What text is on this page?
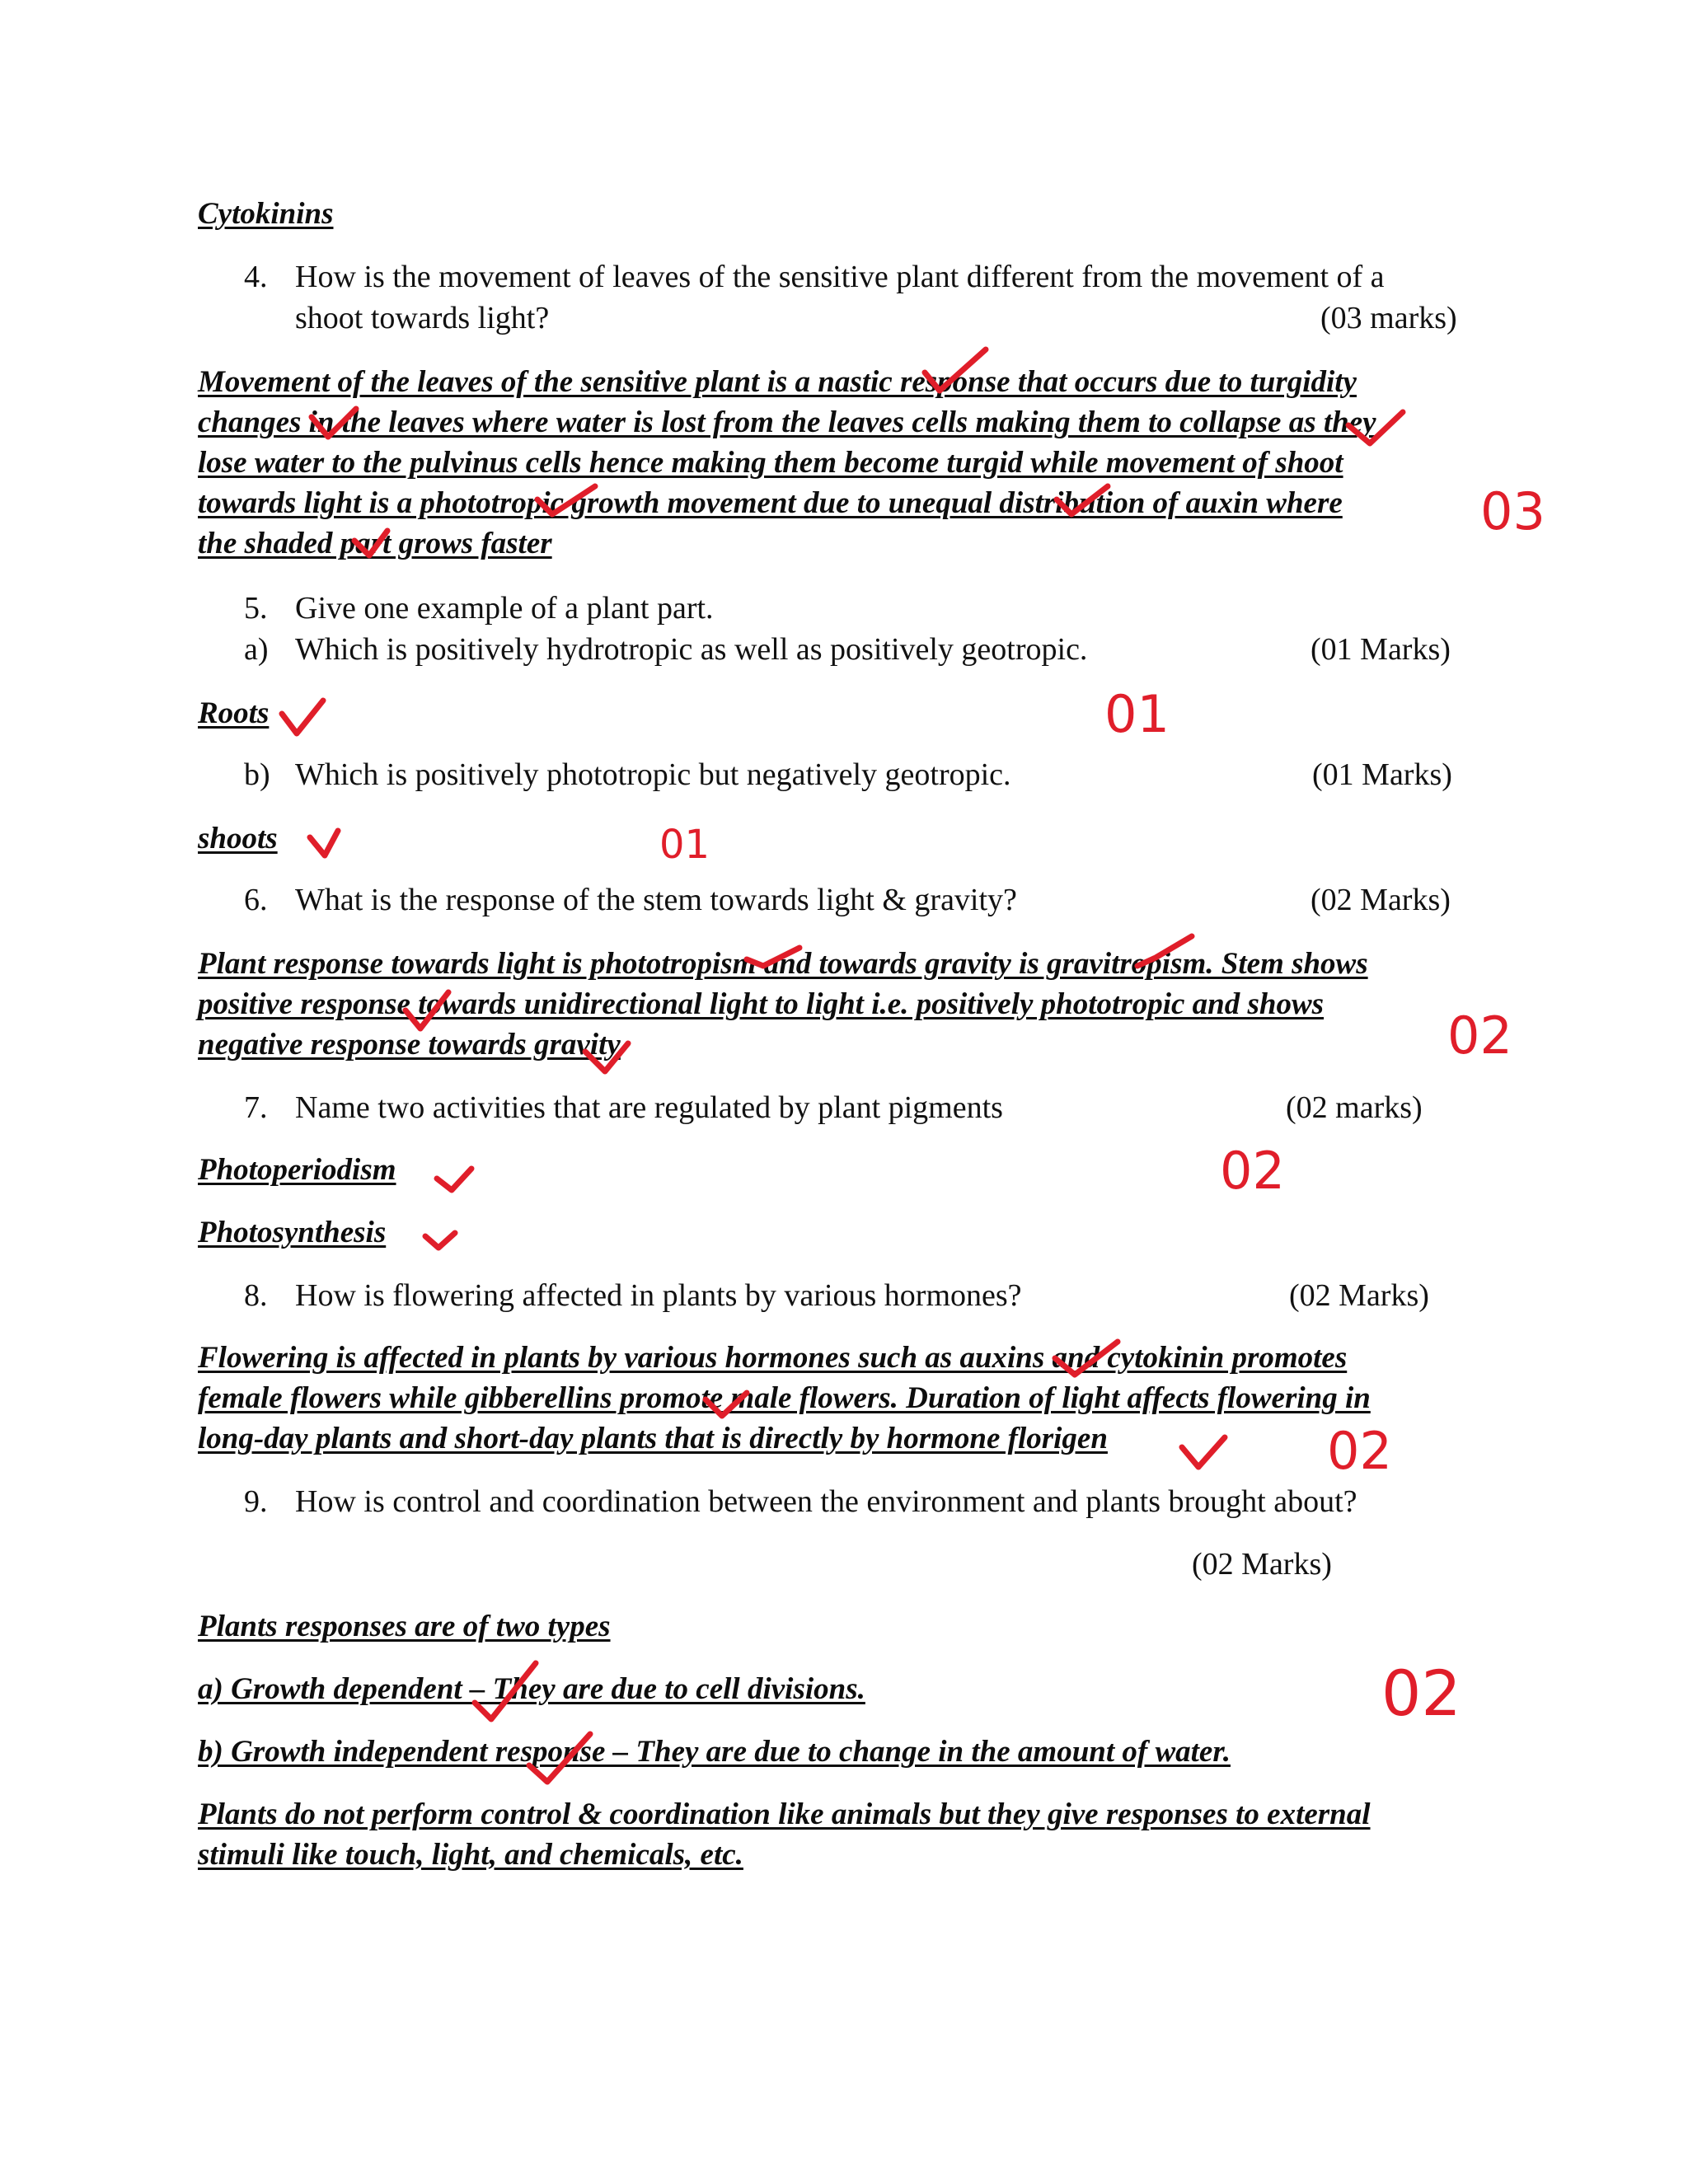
Cytokinins
4. How is the movement of leaves of the sensitive plant different from the movement of a
shoot towards light?	(03 marks)
Movement of the leaves of the sensitive plant is a nastic response that occurs due to turgidity
changes in the leaves where water is lost from the leaves cells making them to collapse as they
lose water to the pulvinus cells hence making them become turgid while movement of shoot
towards light is a phototropic growth movement due to unequal distribution of auxin where
the shaded part grows faster
5. Give one example of a plant part.
a) Which is positively hydrotropic as well as positively geotropic.	(01 Marks)
Roots
b) Which is positively phototropic but negatively geotropic.	(01 Marks)
shoots
6. What is the response of the stem towards light & gravity?	(02 Marks)
Plant response towards light is phototropism and towards gravity is gravitropism. Stem shows
positive response towards unidirectional light to light i.e. positively phototropic and shows
negative response towards gravity
7. Name two activities that are regulated by plant pigments	(02 marks)
Photoperiodism
Photosynthesis
8. How is flowering affected in plants by various hormones?	(02 Marks)
Flowering is affected in plants by various hormones such as auxins and cytokinin promotes
female flowers while gibberellins promote male flowers. Duration of light affects flowering in
long-day plants and short-day plants that is directly by hormone florigen
9. How is control and coordination between the environment and plants brought about?
(02 Marks)
Plants responses are of two types
a) Growth dependent – They are due to cell divisions.
b) Growth independent response – They are due to change in the amount of water.
Plants do not perform control & coordination like animals but they give responses to external
stimuli like touch, light, and chemicals, etc.
03
01
01
02
02
02
02
